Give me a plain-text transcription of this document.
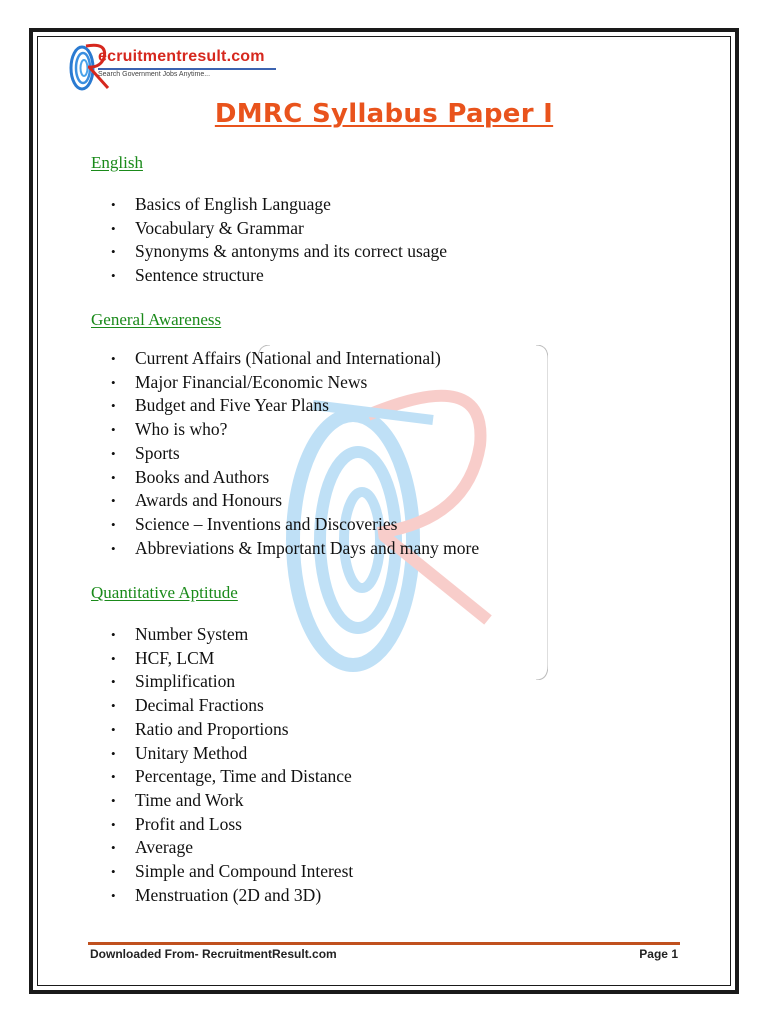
ecruitmentresult.com
Search Government Jobs Anytime...
DMRC Syllabus Paper I
English
• Basics of English Language
• Vocabulary & Grammar
• Synonyms & antonyms and its correct usage
• Sentence structure
General Awareness
• Current Affairs (National and International)
• Major Financial/Economic News
• Budget and Five Year Plans
• Who is who?
• Sports
• Books and Authors
• Awards and Honours
• Science – Inventions and Discoveries
• Abbreviations & Important Days and many more
Quantitative Aptitude
• Number System
• HCF, LCM
• Simplification
• Decimal Fractions
• Ratio and Proportions
• Unitary Method
• Percentage, Time and Distance
• Time and Work
• Profit and Loss
• Average
• Simple and Compound Interest
• Menstruation (2D and 3D)
Downloaded From- RecruitmentResult.com	Page 1
